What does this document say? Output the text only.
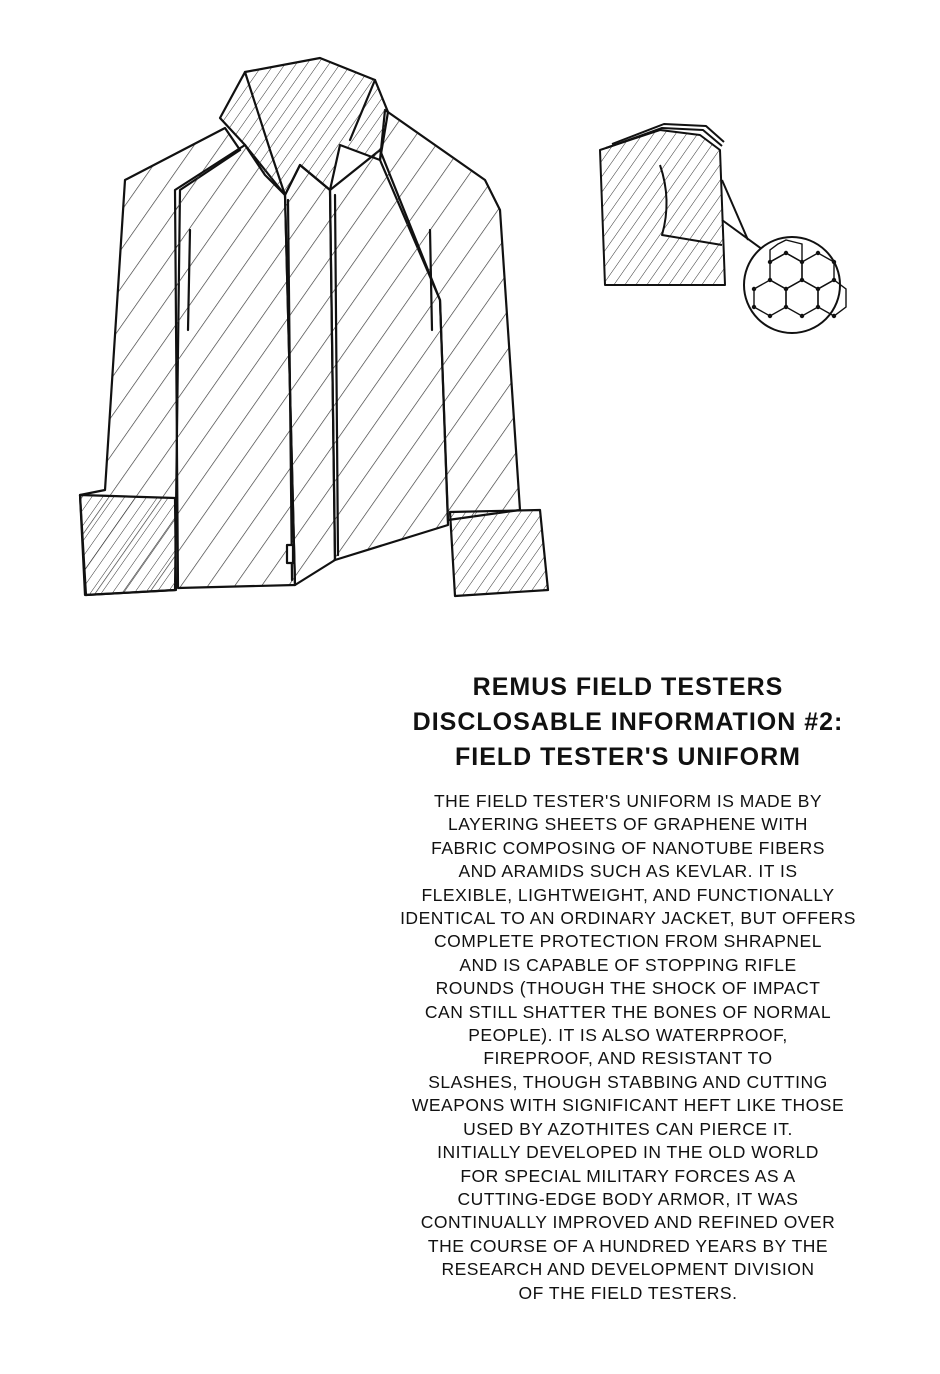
REMUS FIELD TESTERS
DISCLOSABLE INFORMATION #2:
FIELD TESTER'S UNIFORM
THE FIELD TESTER'S UNIFORM IS MADE BY
LAYERING SHEETS OF GRAPHENE WITH
FABRIC COMPOSING OF NANOTUBE FIBERS
AND ARAMIDS SUCH AS KEVLAR. IT IS
FLEXIBLE, LIGHTWEIGHT, AND FUNCTIONALLY
IDENTICAL TO AN ORDINARY JACKET, BUT OFFERS
COMPLETE PROTECTION FROM SHRAPNEL
AND IS CAPABLE OF STOPPING RIFLE
ROUNDS (THOUGH THE SHOCK OF IMPACT
CAN STILL SHATTER THE BONES OF NORMAL
PEOPLE). IT IS ALSO WATERPROOF,
FIREPROOF, AND RESISTANT TO
SLASHES, THOUGH STABBING AND CUTTING
WEAPONS WITH SIGNIFICANT HEFT LIKE THOSE
USED BY AZOTHITES CAN PIERCE IT.
INITIALLY DEVELOPED IN THE OLD WORLD
FOR SPECIAL MILITARY FORCES AS A
CUTTING-EDGE BODY ARMOR, IT WAS
CONTINUALLY IMPROVED AND REFINED OVER
THE COURSE OF A HUNDRED YEARS BY THE
RESEARCH AND DEVELOPMENT DIVISION
OF THE FIELD TESTERS.
